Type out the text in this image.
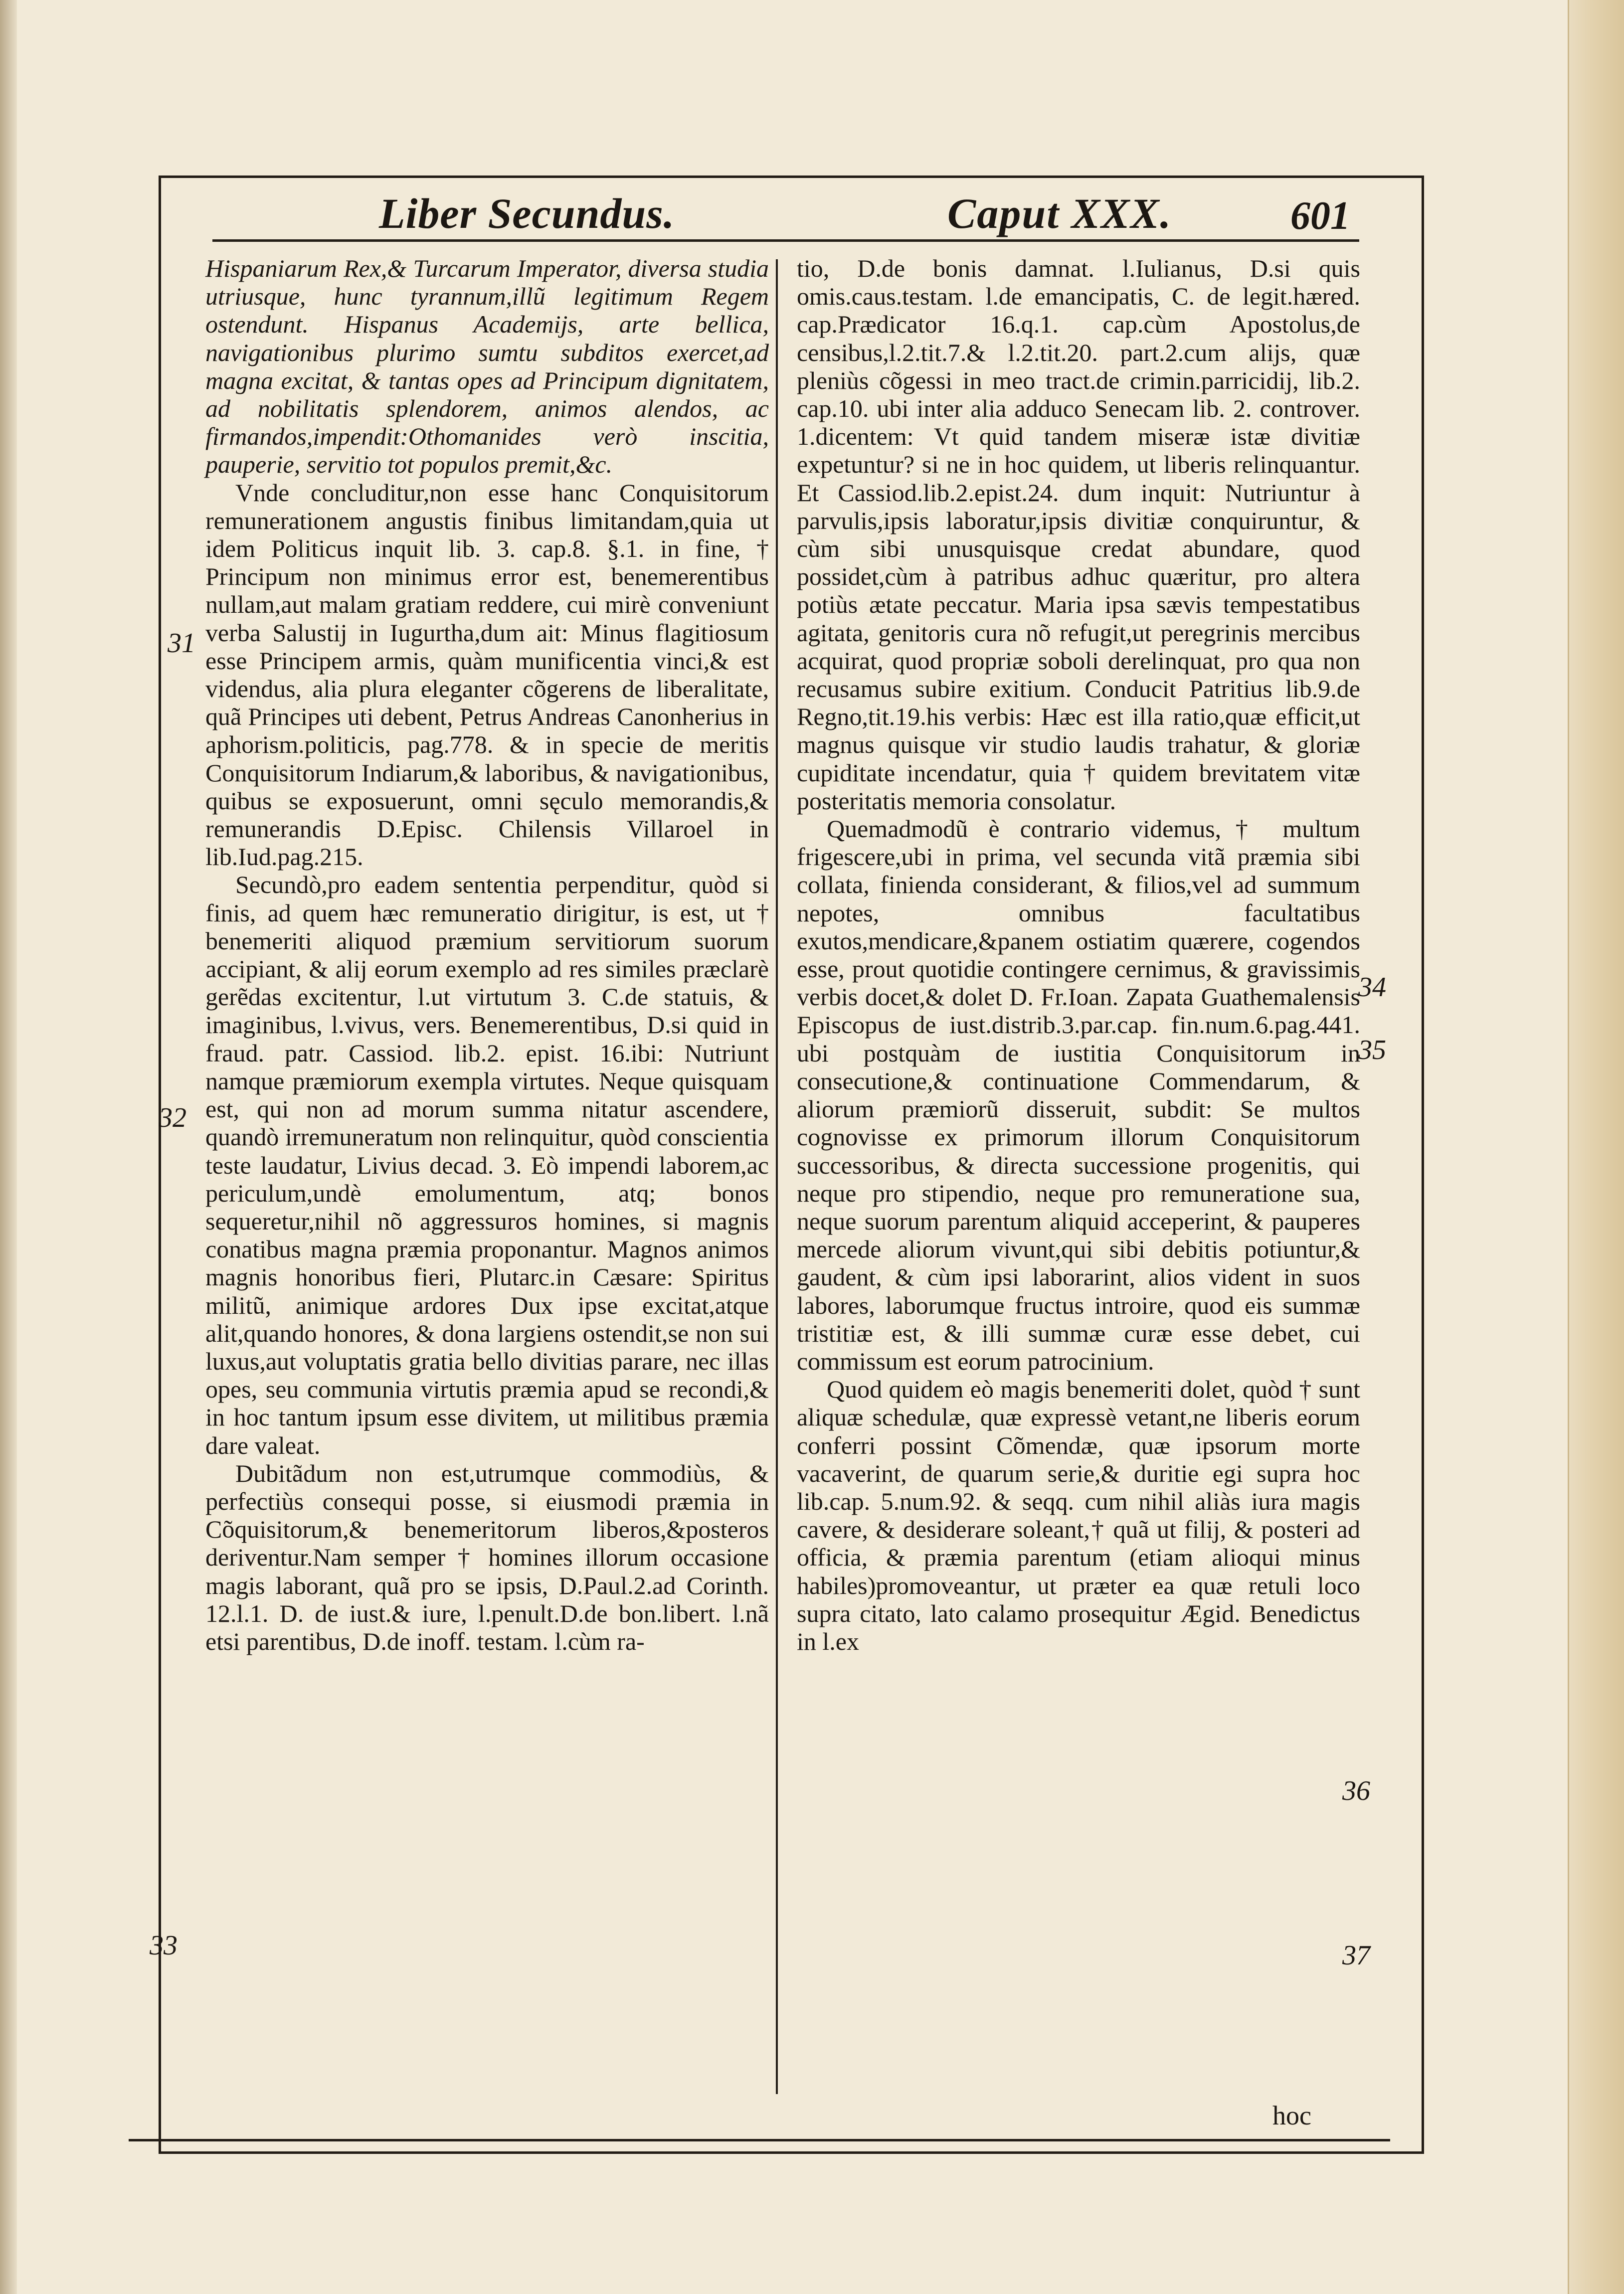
Liber Secundus.	Caput XXX.	601

Hispaniarum Rex,& Turcarum Imperator, diversa studia utriusque, hunc tyrannum,illũ legitimum Regem ostendunt. Hispanus Academijs, arte bellica, navigationibus plurimo sumtu subditos exercet,ad magna excitat, & tantas opes ad Principum dignitatem, ad nobilitatis splendorem, animos alendos, ac firmandos,impendit:Othomanides verò inscitia, pauperie, servitio tot populos premit,&c.

Vnde concluditur,non esse hanc Conquisitorum remunerationem angustis finibus limitandam,quia ut idem Politicus inquit lib. 3. cap.8. §.1. in fine, † Principum non minimus error est, benemerentibus nullam,aut malam gratiam reddere, cui mirè conveniunt verba Salustij in Iugurtha,dum ait: Minus flagitiosum esse Principem armis, quàm munificentia vinci,& est videndus, alia plura eleganter cõgerens de liberalitate, quã Principes uti debent, Petrus Andreas Canonherius in aphorism.politicis, pag.778. & in specie de meritis Conquisitorum Indiarum,& laboribus, & navigationibus, quibus se exposuerunt, omni sęculo memorandis,& remunerandis D.Episc. Chilensis Villaroel in lib.Iud.pag.215.

Secundò,pro eadem sententia perpenditur, quòd si finis, ad quem hæc remuneratio dirigitur, is est, ut † benemeriti aliquod præmium servitiorum suorum accipiant, & alij eorum exemplo ad res similes præclarè gerẽdas excitentur, l.ut virtutum 3. C.de statuis, & imaginibus, l.vivus, vers. Benemerentibus, D.si quid in fraud. patr. Cassiod. lib.2. epist. 16.ibi: Nutriunt namque præmiorum exempla virtutes. Neque quisquam est, qui non ad morum summa nitatur ascendere, quandò irremuneratum non relinquitur, quòd conscientia teste laudatur, Livius decad. 3. Eò impendi laborem,ac periculum,undè emolumentum, atq; bonos sequeretur,nihil nõ aggressuros homines, si magnis conatibus magna præmia proponantur. Magnos animos magnis honoribus fieri, Plutarc.in Cæsare: Spiritus militũ, animique ardores Dux ipse excitat,atque alit,quando honores, & dona largiens ostendit,se non sui luxus,aut voluptatis gratia bello divitias parare, nec illas opes, seu communia virtutis præmia apud se recondi,& in hoc tantum ipsum esse divitem, ut militibus præmia dare valeat.

Dubitãdum non est,utrumque commodiùs, & perfectiùs consequi posse, si eiusmodi præmia in Cõquisitorum,& benemeritorum liberos,&posteros deriventur.Nam semper † homines illorum occasione magis laborant, quã pro se ipsis, D.Paul.2.ad Corinth. 12.l.1. D. de iust.& iure, l.penult.D.de bon.libert. l.nã etsi parentibus, D.de inoff. testam. l.cùm ra-

tio, D.de bonis damnat. l.Iulianus, D.si quis omis.caus.testam. l.de emancipatis, C. de legit.hæred. cap.Prædicator 16.q.1. cap.cùm Apostolus,de censibus,l.2.tit.7.& l.2.tit.20. part.2.cum alijs, quæ pleniùs cõgessi in meo tract.de crimin.parricidij, lib.2. cap.10. ubi inter alia adduco Senecam lib. 2. controver. 1.dicentem: Vt quid tandem miseræ istæ divitiæ expetuntur? si ne in hoc quidem, ut liberis relinquantur. Et Cassiod.lib.2.epist.24. dum inquit: Nutriuntur à parvulis,ipsis laboratur,ipsis divitiæ conquiruntur, & cùm sibi unusquisque credat abundare, quod possidet,cùm à patribus adhuc quæritur, pro altera potiùs ætate peccatur. Maria ipsa sævis tempestatibus agitata, genitoris cura nõ refugit,ut peregrinis mercibus acquirat, quod propriæ soboli derelinquat, pro qua non recusamus subire exitium. Conducit Patritius lib.9.de Regno,tit.19.his verbis: Hæc est illa ratio,quæ efficit,ut magnus quisque vir studio laudis trahatur, & gloriæ cupiditate incendatur, quia † quidem brevitatem vitæ posteritatis memoria consolatur.

Quemadmodũ è contrario videmus,† multum frigescere,ubi in prima, vel secunda vitã præmia sibi collata, finienda considerant, & filios,vel ad summum nepotes, omnibus facultatibus exutos,mendicare,&panem ostiatim quærere, cogendos esse, prout quotidie contingere cernimus, & gravissimis verbis docet,& dolet D. Fr.Ioan. Zapata Guathemalensis Episcopus de iust.distrib.3.par.cap. fin.num.6.pag.441. ubi postquàm de iustitia Conquisitorum in consecutione,& continuatione Commendarum, & aliorum præmiorũ disseruit, subdit: Se multos cognovisse ex primorum illorum Conquisitorum successoribus, & directa successione progenitis, qui neque pro stipendio, neque pro remuneratione sua, neque suorum parentum aliquid acceperint, & pauperes mercede aliorum vivunt,qui sibi debitis potiuntur,& gaudent, & cùm ipsi laborarint, alios vident in suos labores, laborumque fructus introire, quod eis summæ tristitiæ est, & illi summæ curæ esse debet, cui commissum est eorum patrocinium.

Quod quidem eò magis benemeriti dolet, quòd † sunt aliquæ schedulæ, quæ expressè vetant,ne liberis eorum conferri possint Cõmendæ, quæ ipsorum morte vacaverint, de quarum serie,& duritie egi supra hoc lib.cap. 5.num.92. & seqq. cum nihil aliàs iura magis cavere, & desiderare soleant,† quã ut filij, & posteri ad officia, & præmia parentum (etiam alioqui minus habiles)promoveantur, ut præter ea quæ retuli loco supra citato, lato calamo prosequitur Ægid. Benedictus in l.ex

31
32
33
34
35
36
37
hoc
